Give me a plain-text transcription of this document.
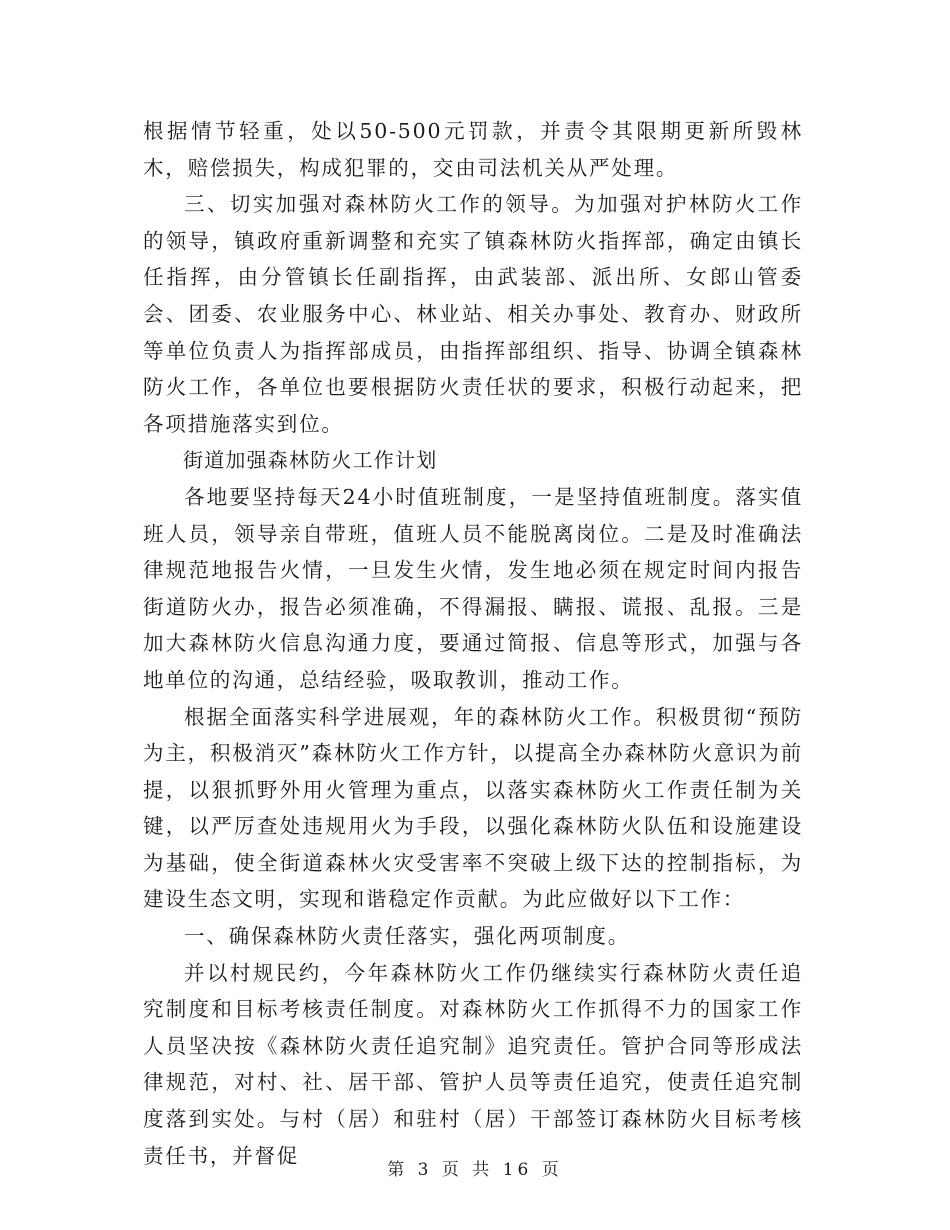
根据情节轻重，处以50-500元罚款，并责令其限期更新所毁林木，赔偿损失，构成犯罪的，交由司法机关从严处理。

三、切实加强对森林防火工作的领导。为加强对护林防火工作的领导，镇政府重新调整和充实了镇森林防火指挥部，确定由镇长任指挥，由分管镇长任副指挥，由武装部、派出所、女郎山管委会、团委、农业服务中心、林业站、相关办事处、教育办、财政所等单位负责人为指挥部成员，由指挥部组织、指导、协调全镇森林防火工作，各单位也要根据防火责任状的要求，积极行动起来，把各项措施落实到位。

街道加强森林防火工作计划

各地要坚持每天24小时值班制度，一是坚持值班制度。落实值班人员，领导亲自带班，值班人员不能脱离岗位。二是及时准确法律规范地报告火情，一旦发生火情，发生地必须在规定时间内报告街道防火办，报告必须准确，不得漏报、瞒报、谎报、乱报。三是加大森林防火信息沟通力度，要通过简报、信息等形式，加强与各地单位的沟通，总结经验，吸取教训，推动工作。

根据全面落实科学进展观，年的森林防火工作。积极贯彻“预防为主，积极消灭”森林防火工作方针，以提高全办森林防火意识为前提，以狠抓野外用火管理为重点，以落实森林防火工作责任制为关键，以严厉查处违规用火为手段，以强化森林防火队伍和设施建设为基础，使全街道森林火灾受害率不突破上级下达的控制指标，为建设生态文明，实现和谐稳定作贡献。为此应做好以下工作：

一、确保森林防火责任落实，强化两项制度。

并以村规民约，今年森林防火工作仍继续实行森林防火责任追究制度和目标考核责任制度。对森林防火工作抓得不力的国家工作人员坚决按《森林防火责任追究制》追究责任。管护合同等形成法律规范，对村、社、居干部、管护人员等责任追究，使责任追究制度落到实处。与村（居）和驻村（居）干部签订森林防火目标考核责任书，并督促

第 3 页 共 16 页
